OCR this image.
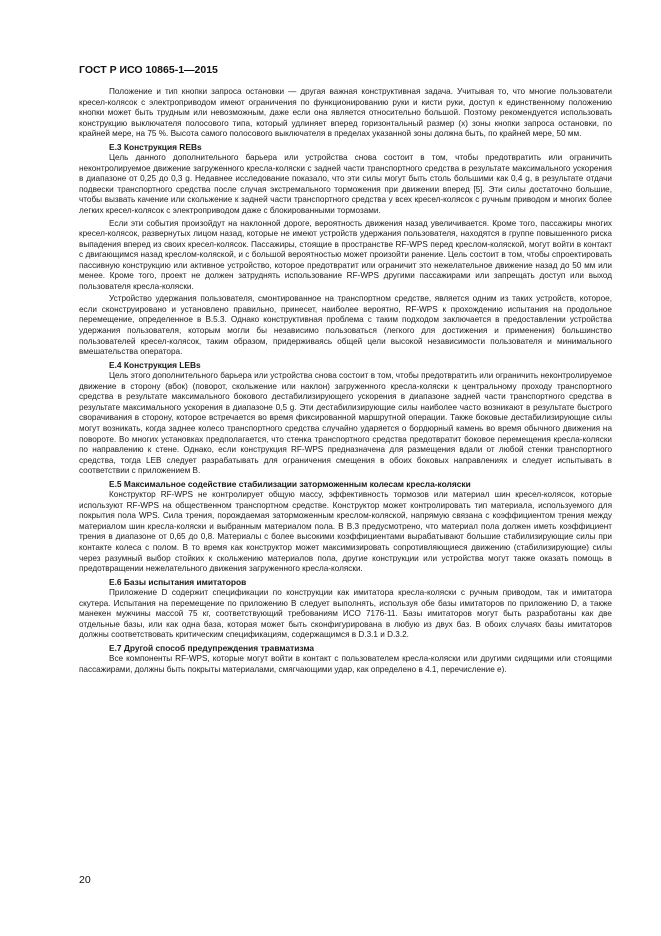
ГОСТ Р ИСО 10865-1—2015

Положение и тип кнопки запроса остановки — другая важная конструктивная задача. Учитывая то, что многие пользователи кресел-колясок с электроприводом имеют ограничения по функционированию руки и кисти руки, доступ к единственному положению кнопки может быть трудным или невозможным, даже если она является относительно большой. Поэтому рекомендуется использовать конструкцию выключателя полосового типа, который удлиняет вперед горизонтальный размер (x) зоны кнопки запроса остановки, по крайней мере, на 75 %. Высота самого полосового выключателя в пределах указанной зоны должна быть, по крайней мере, 50 мм.

Е.3 Конструкция REBs

Цель данного дополнительного барьера или устройства снова состоит в том, чтобы предотвратить или ограничить неконтролируемое движение загруженного кресла-коляски с задней части транспортного средства в результате максимального ускорения в диапазоне от 0,25 до 0,3 g. Недавнее исследование показало, что эти силы могут быть столь большими как 0,4 g, в результате отдачи подвески транспортного средства после случая экстремального торможения при движении вперед [5]. Эти силы достаточно большие, чтобы вызвать качение или скольжение к задней части транспортного средства у всех кресел-колясок с ручным приводом и многих более легких кресел-колясок с электроприводом даже с блокированными тормозами.

Если эти события произойдут на наклонной дороге, вероятность движения назад увеличивается. Кроме того, пассажиры многих кресел-колясок, развернутых лицом назад, которые не имеют устройств удержания пользователя, находятся в группе повышенного риска выпадения вперед из своих кресел-колясок. Пассажиры, стоящие в пространстве RF-WPS перед креслом-коляской, могут войти в контакт с двигающимся назад креслом-коляской, и с большой вероятностью может произойти ранение. Цель состоит в том, чтобы спроектировать пассивную конструкцию или активное устройство, которое предотвратит или ограничит это нежелательное движение назад до 50 мм или менее. Кроме того, проект не должен затруднять использование RF-WPS другими пассажирами или запрещать доступ или выход пользователя кресла-коляски.

Устройство удержания пользователя, смонтированное на транспортном средстве, является одним из таких устройств, которое, если сконструировано и установлено правильно, принесет, наиболее вероятно, RF-WPS к прохождению испытания на продольное перемещение, определенное в В.5.3. Однако конструктивная проблема с таким подходом заключается в предоставлении устройства удержания пользователя, которым могли бы независимо пользоваться (легкого для достижения и применения) большинство пользователей кресел-колясок, таким образом, придерживаясь общей цели высокой независимости пользователя и минимального вмешательства оператора.

Е.4 Конструкция LEBs

Цель этого дополнительного барьера или устройства снова состоит в том, чтобы предотвратить или ограничить неконтролируемое движение в сторону (вбок) (поворот, скольжение или наклон) загруженного кресла-коляски к центральному проходу транспортного средства в результате максимального бокового дестабилизирующего ускорения в диапазоне задней части транспортного средства в результате максимального ускорения в диапазоне 0,5 g. Эти дестабилизирующие силы наиболее часто возникают в результате быстрого сворачивания в сторону, которое встречается во время фиксированной маршрутной операции. Также боковые дестабилизирующие силы могут возникать, когда заднее колесо транспортного средства случайно ударяется о бордюрный камень во время обычного движения на повороте. Во многих установках предполагается, что стенка транспортного средства предотвратит боковое перемещения кресла-коляски по направлению к стене. Однако, если конструкция RF-WPS предназначена для размещения вдали от любой стенки транспортного средства, тогда LEB следует разрабатывать для ограничения смещения в обоих боковых направлениях и следует испытывать в соответствии с приложением В.

Е.5 Максимальное содействие стабилизации заторможенным колесам кресла-коляски

Конструктор RF-WPS не контролирует общую массу, эффективность тормозов или материал шин кресел-колясок, которые используют RF-WPS на общественном транспортном средстве. Конструктор может контролировать тип материала, используемого для покрытия пола WPS. Сила трения, порождаемая заторможенным креслом-коляской, напрямую связана с коэффициентом трения между материалом шин кресла-коляски и выбранным материалом пола. В В.3 предусмотрено, что материал пола должен иметь коэффициент трения в диапазоне от 0,65 до 0,8. Материалы с более высокими коэффициентами вырабатывают большие стабилизирующие силы при контакте колеса с полом. В то время как конструктор может максимизировать сопротивляющиеся движению (стабилизирующие) силы через разумный выбор стойких к скольжению материалов пола, другие конструкции или устройства могут также оказать помощь в предотвращении нежелательного движения загруженного кресла-коляски.

Е.6 Базы испытания имитаторов

Приложение D содержит спецификации по конструкции как имитатора кресла-коляски с ручным приводом, так и имитатора скутера. Испытания на перемещение по приложению В следует выполнять, используя обе базы имитаторов по приложению D, а также манекен мужчины массой 75 кг, соответствующий требованиям ИСО 7176-11. Базы имитаторов могут быть разработаны как две отдельные базы, или как одна база, которая может быть сконфигурирована в любую из двух баз. В обоих случаях базы имитаторов должны соответствовать критическим спецификациям, содержащимся в D.3.1 и D.3.2.

Е.7 Другой способ предупреждения травматизма

Все компоненты RF-WPS, которые могут войти в контакт с пользователем кресла-коляски или другими сидящими или стоящими пассажирами, должны быть покрыты материалами, смягчающими удар, как определено в 4.1, перечисление е).

20
